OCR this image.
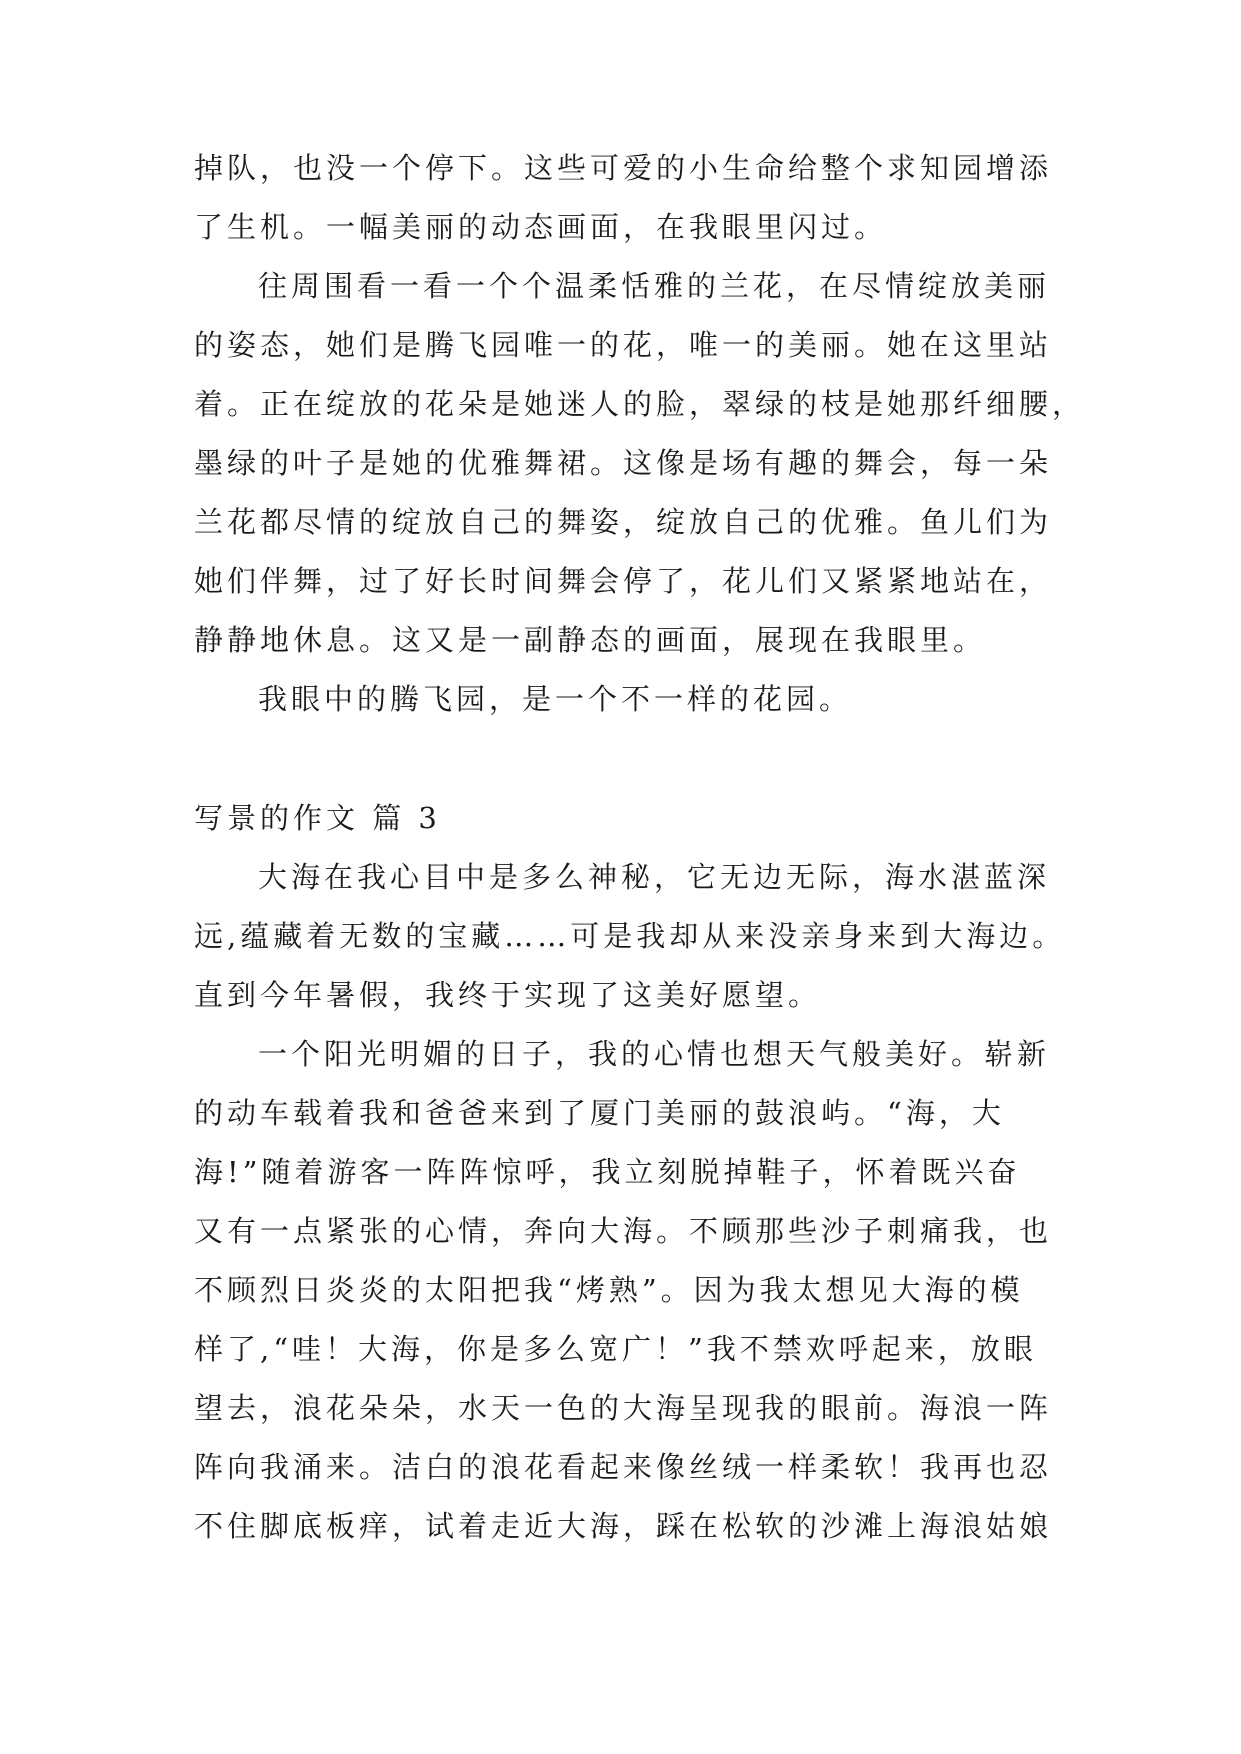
掉队，也没一个停下。这些可爱的小生命给整个求知园增添
了生机。一幅美丽的动态画面，在我眼里闪过。
往周围看一看一个个温柔恬雅的兰花，在尽情绽放美丽
的姿态，她们是腾飞园唯一的花，唯一的美丽。她在这里站
着。正在绽放的花朵是她迷人的脸，翠绿的枝是她那纤细腰，
墨绿的叶子是她的优雅舞裙。这像是场有趣的舞会，每一朵
兰花都尽情的绽放自己的舞姿，绽放自己的优雅。鱼儿们为
她们伴舞，过了好长时间舞会停了，花儿们又紧紧地站在，
静静地休息。这又是一副静态的画面，展现在我眼里。
我眼中的腾飞园，是一个不一样的花园。
写景的作文 篇 3
大海在我心目中是多么神秘，它无边无际，海水湛蓝深
远,蕴藏着无数的宝藏……可是我却从来没亲身来到大海边。
直到今年暑假，我终于实现了这美好愿望。
一个阳光明媚的日子，我的心情也想天气般美好。崭新
的动车载着我和爸爸来到了厦门美丽的鼓浪屿。“海，大
海!”随着游客一阵阵惊呼，我立刻脱掉鞋子，怀着既兴奋
又有一点紧张的心情，奔向大海。不顾那些沙子刺痛我，也
不顾烈日炎炎的太阳把我“烤熟”。因为我太想见大海的模
样了,“哇！大海，你是多么宽广！”我不禁欢呼起来，放眼
望去，浪花朵朵，水天一色的大海呈现我的眼前。海浪一阵
阵向我涌来。洁白的浪花看起来像丝绒一样柔软！我再也忍
不住脚底板痒，试着走近大海，踩在松软的沙滩上海浪姑娘
